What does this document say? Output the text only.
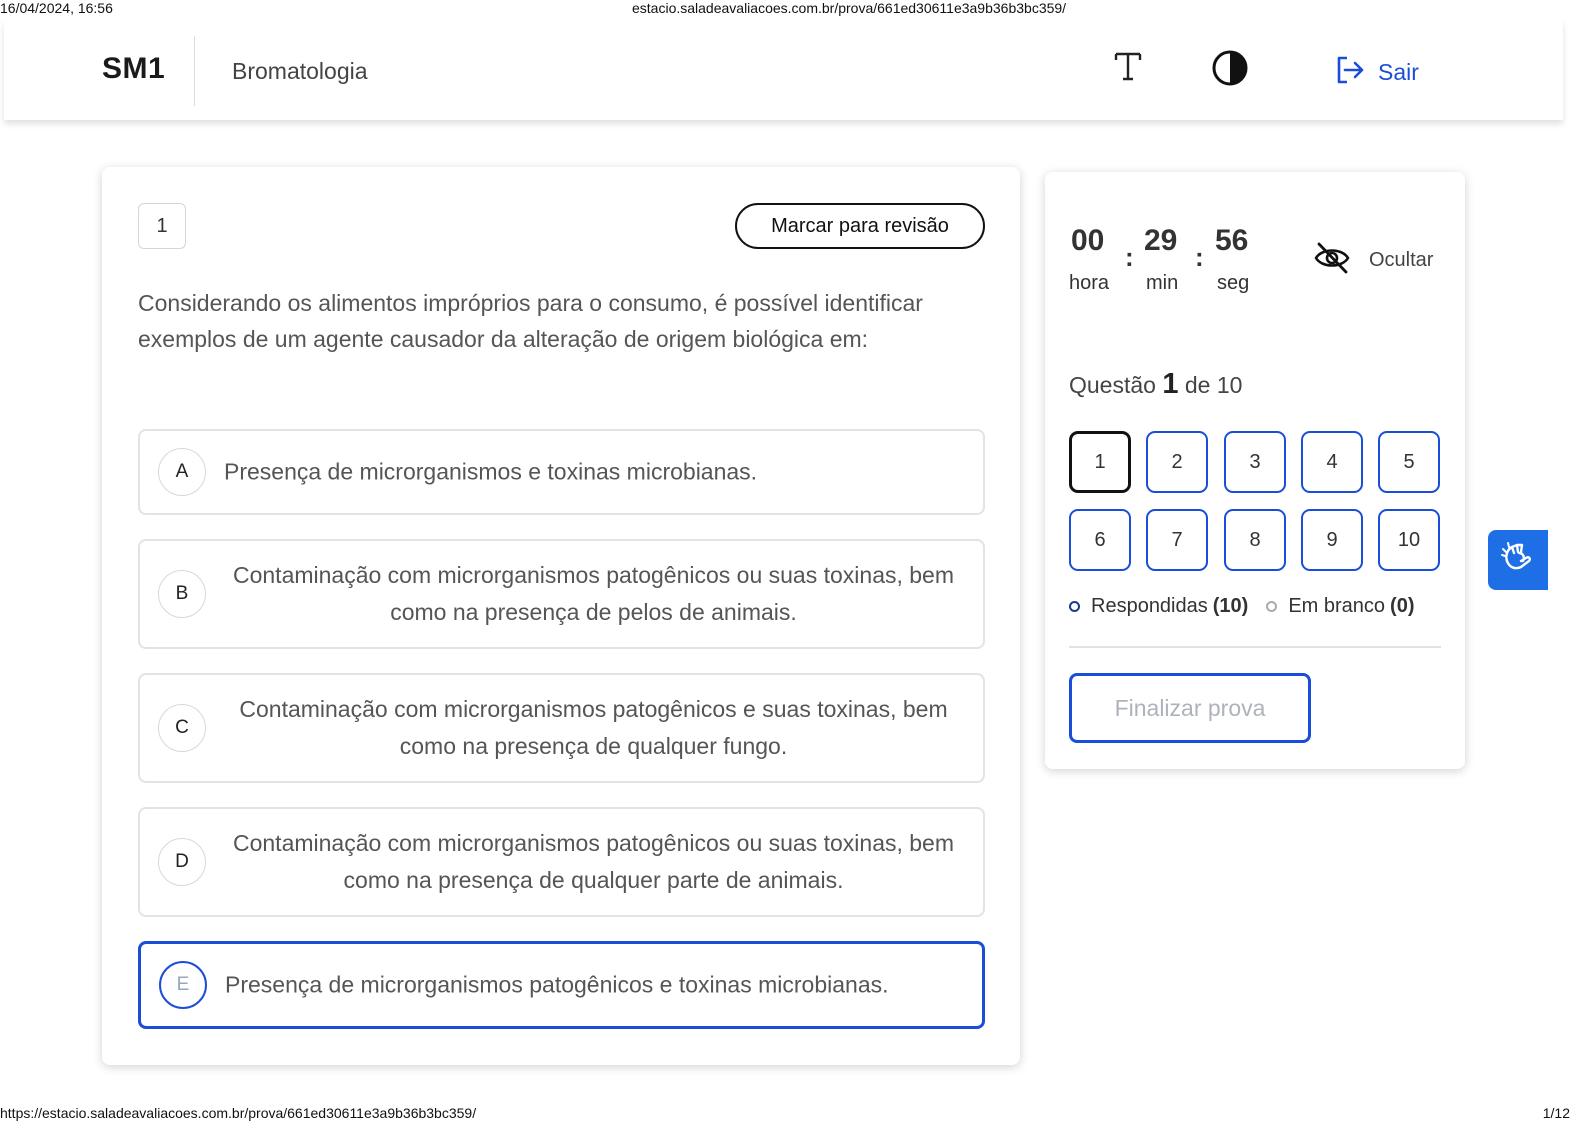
16/04/2024, 16:56	estacio.saladeavaliacoes.com.br/prova/661ed30611e3a9b36b3bc359/
SM1	Bromatologia	Sair
1	Marcar para revisão
Considerando os alimentos impróprios para o consumo, é possível identificar exemplos de um agente causador da alteração de origem biológica em:
A	Presença de microrganismos e toxinas microbianas.
B
Contaminação com microrganismos patogênicos ou suas toxinas, bem como na presença de pelos de animais.
C
Contaminação com microrganismos patogênicos e suas toxinas, bem como na presença de qualquer fungo.
D
Contaminação com microrganismos patogênicos ou suas toxinas, bem como na presença de qualquer parte de animais.
E	Presença de microrganismos patogênicos e toxinas microbianas.
00 : 29 : 56
hora min seg
Ocultar
Questão 1 de 10
1	2	3	4	5
6	7	8	9	10
Respondidas (10) Em branco (0)
Finalizar prova
https://estacio.saladeavaliacoes.com.br/prova/661ed30611e3a9b36b3bc359/	1/12
